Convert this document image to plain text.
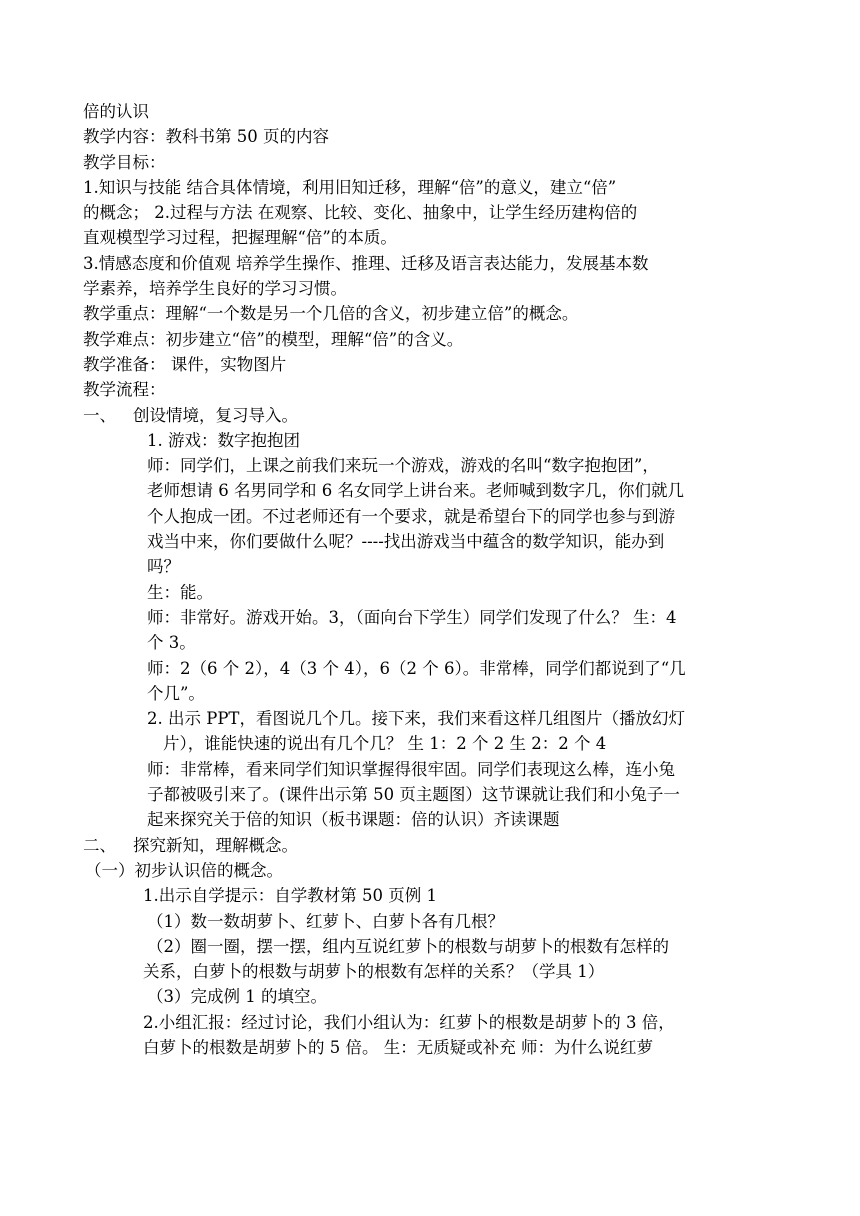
倍的认识

教学内容：教科书第 50 页的内容

教学目标：

1.知识与技能 结合具体情境，利用旧知迁移，理解“倍”的意义，建立“倍”

的概念； 2.过程与方法 在观察、比较、变化、抽象中，让学生经历建构倍的

直观模型学习过程，把握理解“倍”的本质。

3.情感态度和价值观 培养学生操作、推理、迁移及语言表达能力，发展基本数

学素养，培养学生良好的学习习惯。

教学重点：理解“一个数是另一个几倍的含义，初步建立倍”的概念。

教学难点：初步建立“倍”的模型，理解“倍”的含义。

教学准备： 课件，实物图片

教学流程：

一、	创设情境，复习导入。

1. 游戏：数字抱抱团

师：同学们，上课之前我们来玩一个游戏，游戏的名叫“数字抱抱团”，

老师想请 6 名男同学和 6 名女同学上讲台来。老师喊到数字几，你们就几

个人抱成一团。不过老师还有一个要求，就是希望台下的同学也参与到游

戏当中来，你们要做什么呢？----找出游戏当中蕴含的数学知识，能办到

吗？

生：能。

师：非常好。游戏开始。3，（面向台下学生）同学们发现了什么？ 生：4

个 3。

师：2（6 个 2），4（3 个 4），6（2 个 6）。非常棒，同学们都说到了“几

个几”。

2. 出示 PPT，看图说几个几。接下来，我们来看这样几组图片（播放幻灯

片），谁能快速的说出有几个几？ 生 1：2 个 2 生 2：2 个 4

师：非常棒，看来同学们知识掌握得很牢固。同学们表现这么棒，连小兔

子都被吸引来了。(课件出示第 50 页主题图）这节课就让我们和小兔子一

起来探究关于倍的知识（板书课题：倍的认识）齐读课题

二、	探究新知，理解概念。

（一）初步认识倍的概念。

1.出示自学提示：自学教材第 50 页例 1

（1）数一数胡萝卜、红萝卜、白萝卜各有几根？

（2）圈一圈，摆一摆，组内互说红萝卜的根数与胡萝卜的根数有怎样的

关系，白萝卜的根数与胡萝卜的根数有怎样的关系？（学具 1）

（3）完成例 1 的填空。

2.小组汇报：经过讨论，我们小组认为：红萝卜的根数是胡萝卜的 3 倍，

白萝卜的根数是胡萝卜的 5 倍。 生：无质疑或补充 师：为什么说红萝
